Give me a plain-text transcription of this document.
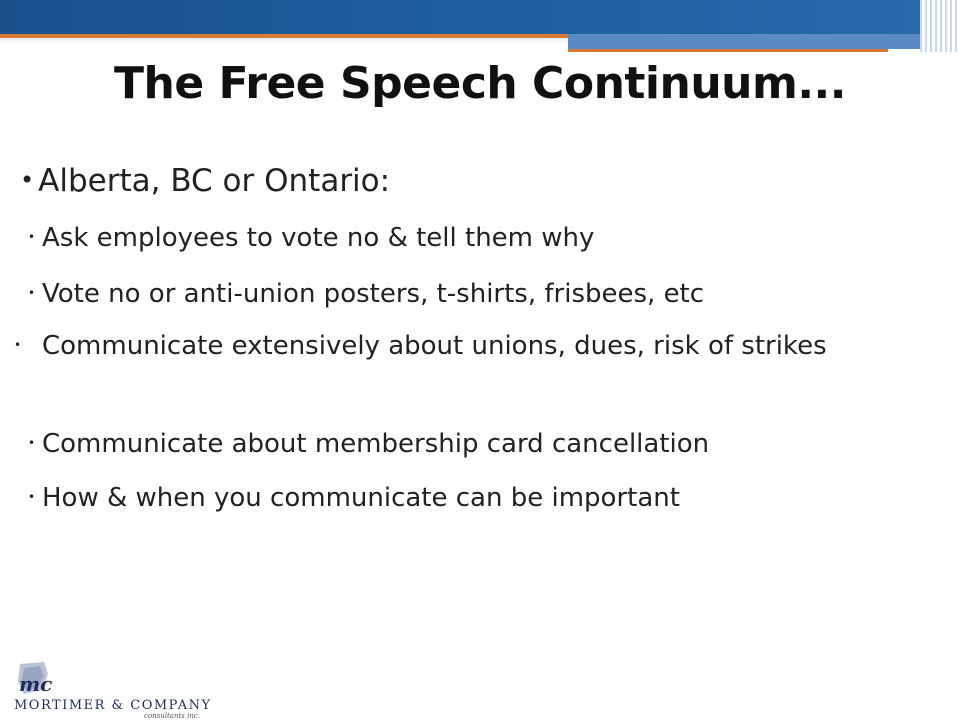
The Free Speech Continuum...
• Alberta, BC or Ontario:
• Ask employees to vote no & tell them why
• Vote no or anti-union posters, t-shirts, frisbees, etc
• Communicate extensively about unions, dues, risk of strikes
• Communicate about membership card cancellation
• How & when you communicate can be important
mc
MORTIMER & COMPANY
consultants inc.
